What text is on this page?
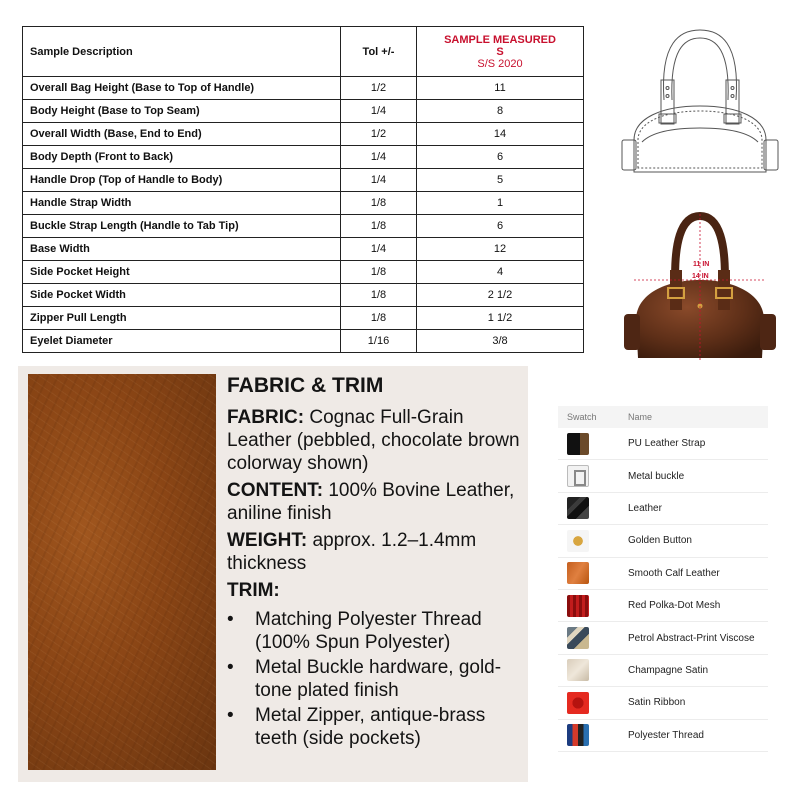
Sample Description	Tol +/-	SAMPLE MEASURED
S
S/S 2020

Overall Bag Height (Base to Top of Handle)	1/2	11
Body Height (Base to Top Seam)	1/4	8
Overall Width (Base, End to End)	1/2	14
Body Depth (Front to Back)	1/4	6
Handle Drop (Top of Handle to Body)	1/4	5
Handle Strap Width	1/8	1
Buckle Strap Length (Handle to Tab Tip)	1/8	6
Base Width	1/4	12
Side Pocket Height	1/8	4
Side Pocket Width	1/8	2 1/2
Zipper Pull Length	1/8	1 1/2
Eyelet Diameter	1/16	3/8
11 IN
14 IN
FABRIC & TRIM

FABRIC: Cognac Full-Grain Leather (pebbled, chocolate brown colorway shown)

CONTENT: 100% Bovine Leather, aniline finish

WEIGHT: approx. 1.2–1.4mm thickness

TRIM:
• Matching Polyester Thread (100% Spun Polyester)
• Metal Buckle hardware, gold-tone plated finish
• Metal Zipper, antique-brass teeth (side pockets)
Swatch	Name
PU Leather Strap
Metal buckle
Leather
Golden Button
Smooth Calf Leather
Red Polka-Dot Mesh
Petrol Abstract-Print Viscose
Champagne Satin
Satin Ribbon
Polyester Thread
